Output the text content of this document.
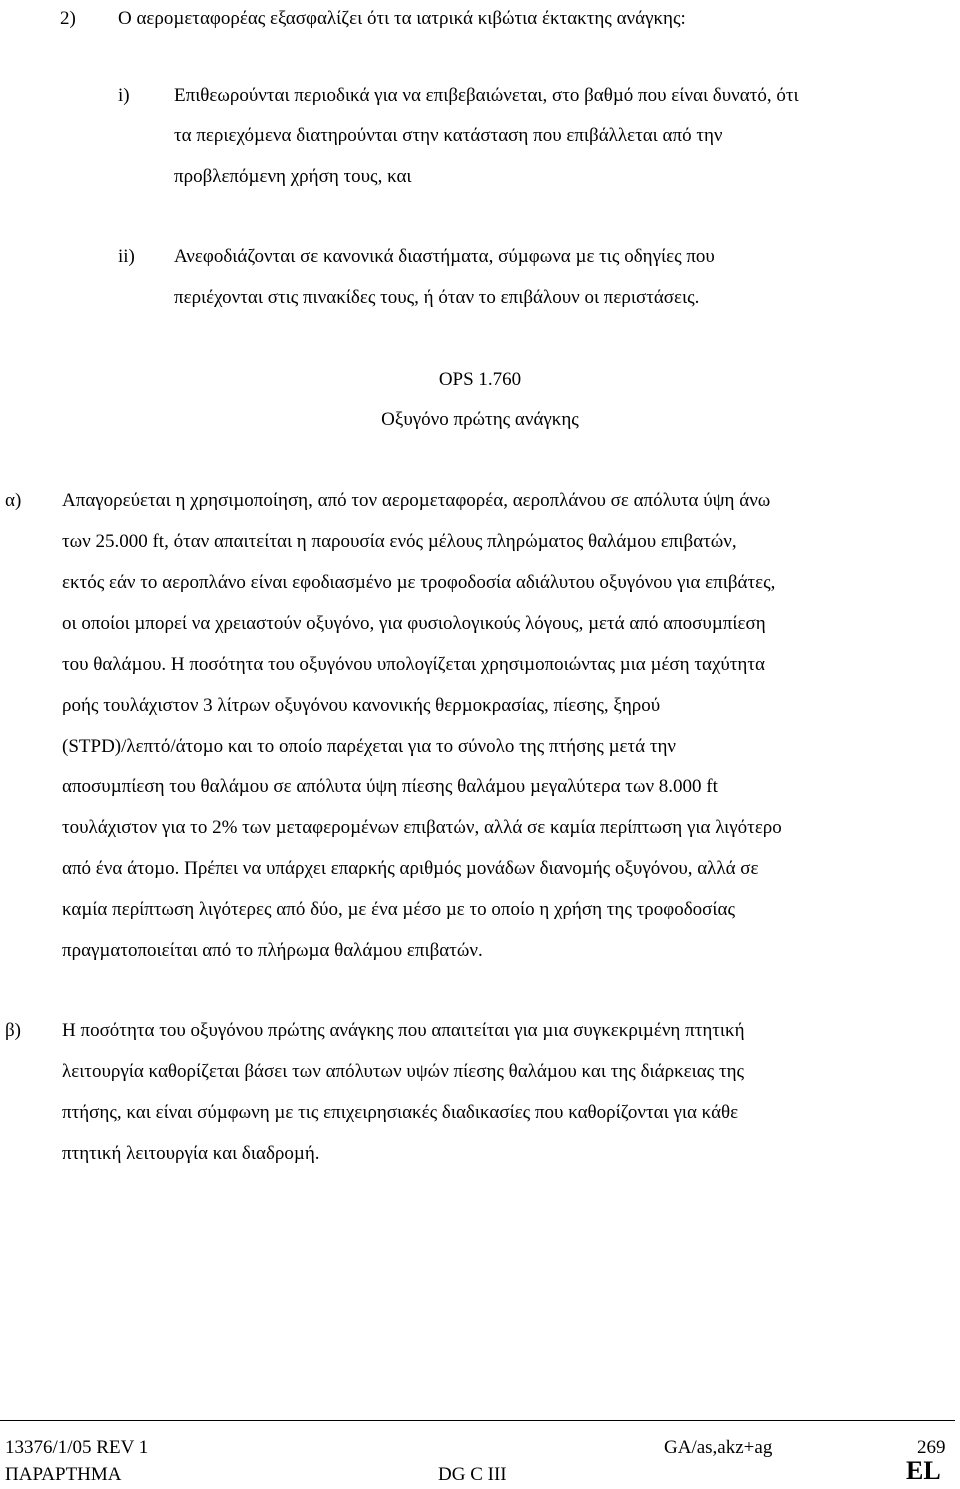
2) Ο αεροµεταφορέας εξασφαλίζει ότι τα ιατρικά κιβώτια έκτακτης ανάγκης:
i) Επιθεωρούνται περιοδικά για να επιβεβαιώνεται, στο βαθµό που είναι δυνατό, ότι
τα περιεχόµενα διατηρούνται στην κατάσταση που επιβάλλεται από την
προβλεπόµενη χρήση τους, και
ii) Ανεφοδιάζονται σε κανονικά διαστήµατα, σύµφωνα µε τις οδηγίες που
περιέχονται στις πινακίδες τους, ή όταν το επιβάλουν οι περιστάσεις.
OPS 1.760
Οξυγόνο πρώτης ανάγκης
α) Απαγορεύεται η χρησιµοποίηση, από τον αεροµεταφορέα, αεροπλάνου σε απόλυτα ύψη άνω
των 25.000 ft, όταν απαιτείται η παρουσία ενός µέλους πληρώµατος θαλάµου επιβατών,
εκτός εάν το αεροπλάνο είναι εφοδιασµένο µε τροφοδοσία αδιάλυτου οξυγόνου για επιβάτες,
οι οποίοι µπορεί να χρειαστούν οξυγόνο, για φυσιολογικούς λόγους, µετά από αποσυµπίεση
του θαλάµου. Η ποσότητα του οξυγόνου υπολογίζεται χρησιµοποιώντας µια µέση ταχύτητα
ροής τουλάχιστον 3 λίτρων οξυγόνου κανονικής θερµοκρασίας, πίεσης, ξηρού
(STPD)/λεπτό/άτοµο και το οποίο παρέχεται για το σύνολο της πτήσης µετά την
αποσυµπίεση του θαλάµου σε απόλυτα ύψη πίεσης θαλάµου µεγαλύτερα των 8.000 ft
τουλάχιστον για το 2% των µεταφεροµένων επιβατών, αλλά σε καµία περίπτωση για λιγότερο
από ένα άτοµο. Πρέπει να υπάρχει επαρκής αριθµός µονάδων διανοµής οξυγόνου, αλλά σε
καµία περίπτωση λιγότερες από δύο, µε ένα µέσο µε το οποίο η χρήση της τροφοδοσίας
πραγµατοποιείται από το πλήρωµα θαλάµου επιβατών.
β) Η ποσότητα του οξυγόνου πρώτης ανάγκης που απαιτείται για µια συγκεκριµένη πτητική
λειτουργία καθορίζεται βάσει των απόλυτων υψών πίεσης θαλάµου και της διάρκειας της
πτήσης, και είναι σύµφωνη µε τις επιχειρησιακές διαδικασίες που καθορίζονται για κάθε
πτητική λειτουργία και διαδροµή.
13376/1/05 REV 1	GA/as,akz+ag	269
ΠΑΡΑΡΤΗΜΑ	DG C III	EL
